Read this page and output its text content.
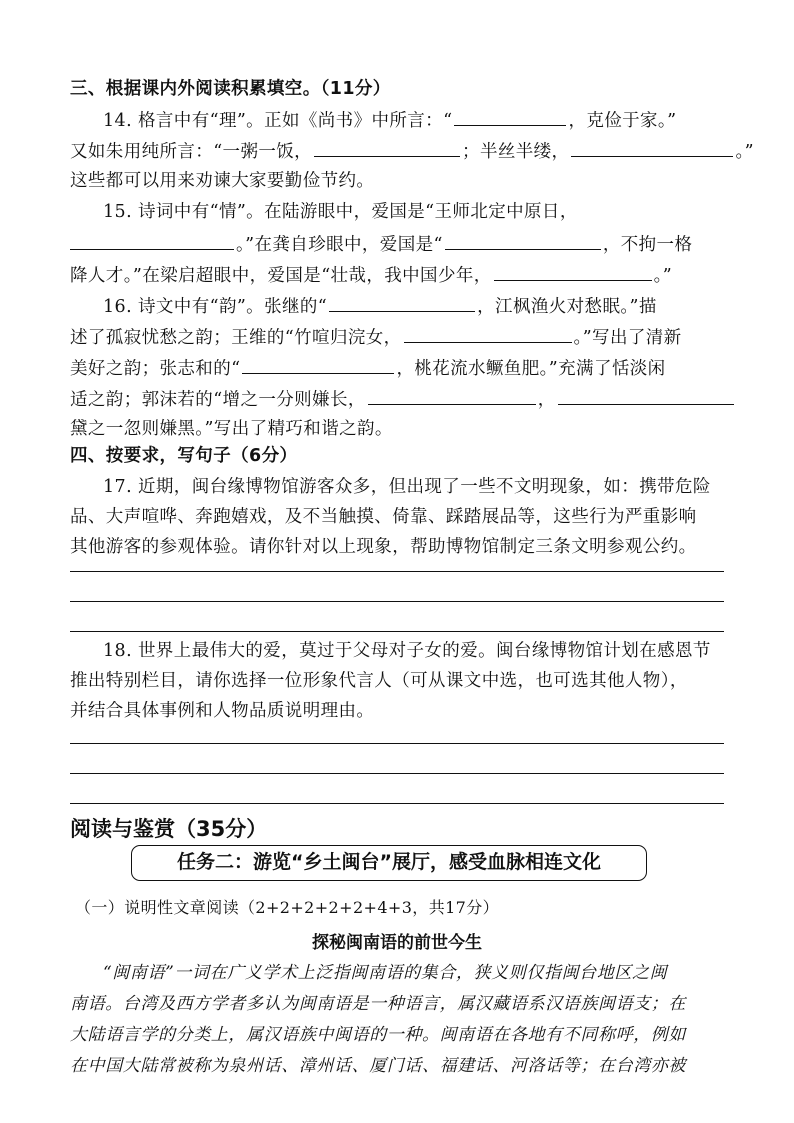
三、根据课内外阅读积累填空。（11分）
14. 格言中有“理”。正如《尚书》中所言：“	，克俭于家。”
又如朱用纯所言：“一粥一饭，	；半丝半缕，	。”
这些都可以用来劝谏大家要勤俭节约。
15. 诗词中有“情”。在陆游眼中，爱国是“王师北定中原日，
。”在龚自珍眼中，爱国是“	，不拘一格
降人才。”在梁启超眼中，爱国是“壮哉，我中国少年，	。”
16. 诗文中有“韵”。张继的“	，江枫渔火对愁眠。”描
述了孤寂忧愁之韵；王维的“竹喧归浣女，	。”写出了清新
美好之韵；张志和的“	，桃花流水鳜鱼肥。”充满了恬淡闲
适之韵；郭沫若的“增之一分则嫌长，	，
黛之一忽则嫌黑。”写出了精巧和谐之韵。
四、按要求，写句子（6分）
17. 近期，闽台缘博物馆游客众多，但出现了一些不文明现象，如：携带危险
品、大声喧哗、奔跑嬉戏，及不当触摸、倚靠、踩踏展品等，这些行为严重影响
其他游客的参观体验。请你针对以上现象，帮助博物馆制定三条文明参观公约。
18. 世界上最伟大的爱，莫过于父母对子女的爱。闽台缘博物馆计划在感恩节
推出特别栏目，请你选择一位形象代言人（可从课文中选，也可选其他人物），
并结合具体事例和人物品质说明理由。
阅读与鉴赏（35分）
任务二：游览“乡土闽台”展厅，感受血脉相连文化
（一）说明性文章阅读（2+2+2+2+2+4+3，共17分）
探秘闽南语的前世今生
“闽南语”一词在广义学术上泛指闽南语的集合，狭义则仅指闽台地区之闽
南语。台湾及西方学者多认为闽南语是一种语言，属汉藏语系汉语族闽语支；在
大陆语言学的分类上，属汉语族中闽语的一种。闽南语在各地有不同称呼，例如
在中国大陆常被称为泉州话、漳州话、厦门话、福建话、河洛话等；在台湾亦被
